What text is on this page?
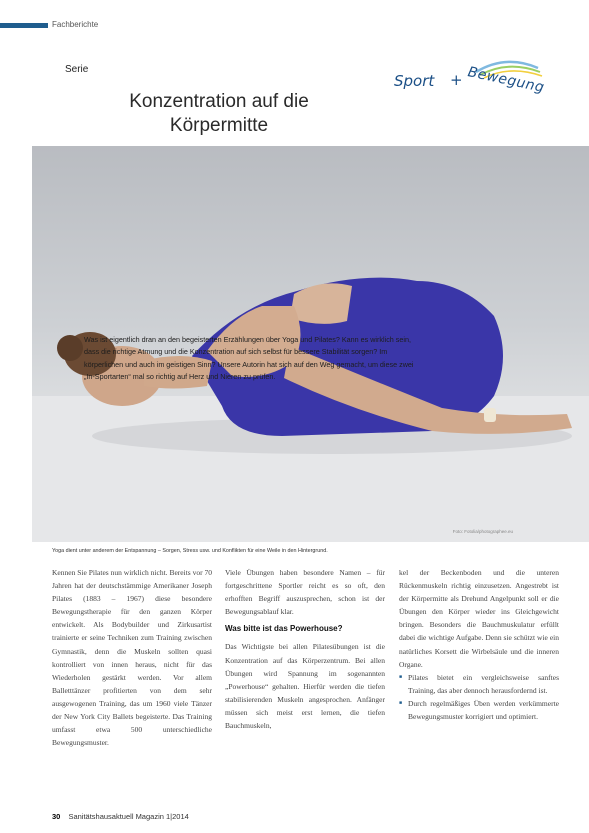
Fachberichte
Serie
Konzentration auf die
Körpermitte
Sport + Bewegung
Was ist eigentlich dran an den begeisterten Erzählungen über Yoga und Pilates? Kann es wirklich sein, dass die richtige Atmung und die Konzentration auf sich selbst für bessere Stabilität sorgen? Im körperlichen und auch im geistigen Sinn? Unsere Autorin hat sich auf den Weg gemacht, um diese zwei „In-Sportarten“ mal so richtig auf Herz und Nieren zu prüfen.
Foto: Fotolia/photographee.eu
Yoga dient unter anderem der Entspannung – Sorgen, Stress usw. und Konflikten für eine Weile in den Hintergrund.

Kennen Sie Pilates nun wirklich nicht. Bereits vor 70 Jahren hat der deutschstämmige Amerikaner Joseph Pilates (1883 – 1967) diese besondere Bewegungstherapie für den ganzen Körper entwickelt. Als Bodybuilder und Zirkusartist trainierte er seine Techniken zum Training zwischen Gymnastik, denn die Muskeln sollten quasi kontrolliert von innen heraus, nicht für das Wiederholen gestärkt werden. Vor allem Balletttänzer profitierten von dem sehr ausgewogenen Training, das um 1960 viele Tänzer der New York City Ballets begeisterte. Das Training umfasst etwa 500 unterschiedliche Bewegungsmuster.

Viele Übungen haben besondere Namen – für fortgeschrittene Sportler reicht es so oft, den erhofften Begriff auszusprechen, schon ist der Bewegungsablauf klar.

Was bitte ist das Powerhouse?

Das Wichtigste bei allen Pilatesübungen ist die Konzentration auf das Körperzentrum. Bei allen Übungen wird Spannung im sogenannten „Powerhouse“ gehalten. Hierfür werden die tiefen stabilisierenden Muskeln angesprochen. Anfänger müssen sich meist erst lernen, die tiefen Bauchmuskeln,

kel der Beckenboden und die unteren Rückenmuskeln richtig einzusetzen. Angestrebt ist der Körpermitte als Drehund Angelpunkt soll er die Übungen den Körper wieder ins Gleichgewicht bringen. Besonders die Bauchmuskulatur erfüllt dabei die wichtige Aufgabe. Denn sie schützt wie ein natürliches Korsett die Wirbelsäule und die inneren Organe.

■ Pilates bietet ein vergleichsweise sanftes Training, das aber dennoch herausfordernd ist.
■ Durch regelmäßiges Üben werden verkümmerte Bewegungsmuster korrigiert und optimiert.
30 Sanitätshausaktuell Magazin 1|2014
